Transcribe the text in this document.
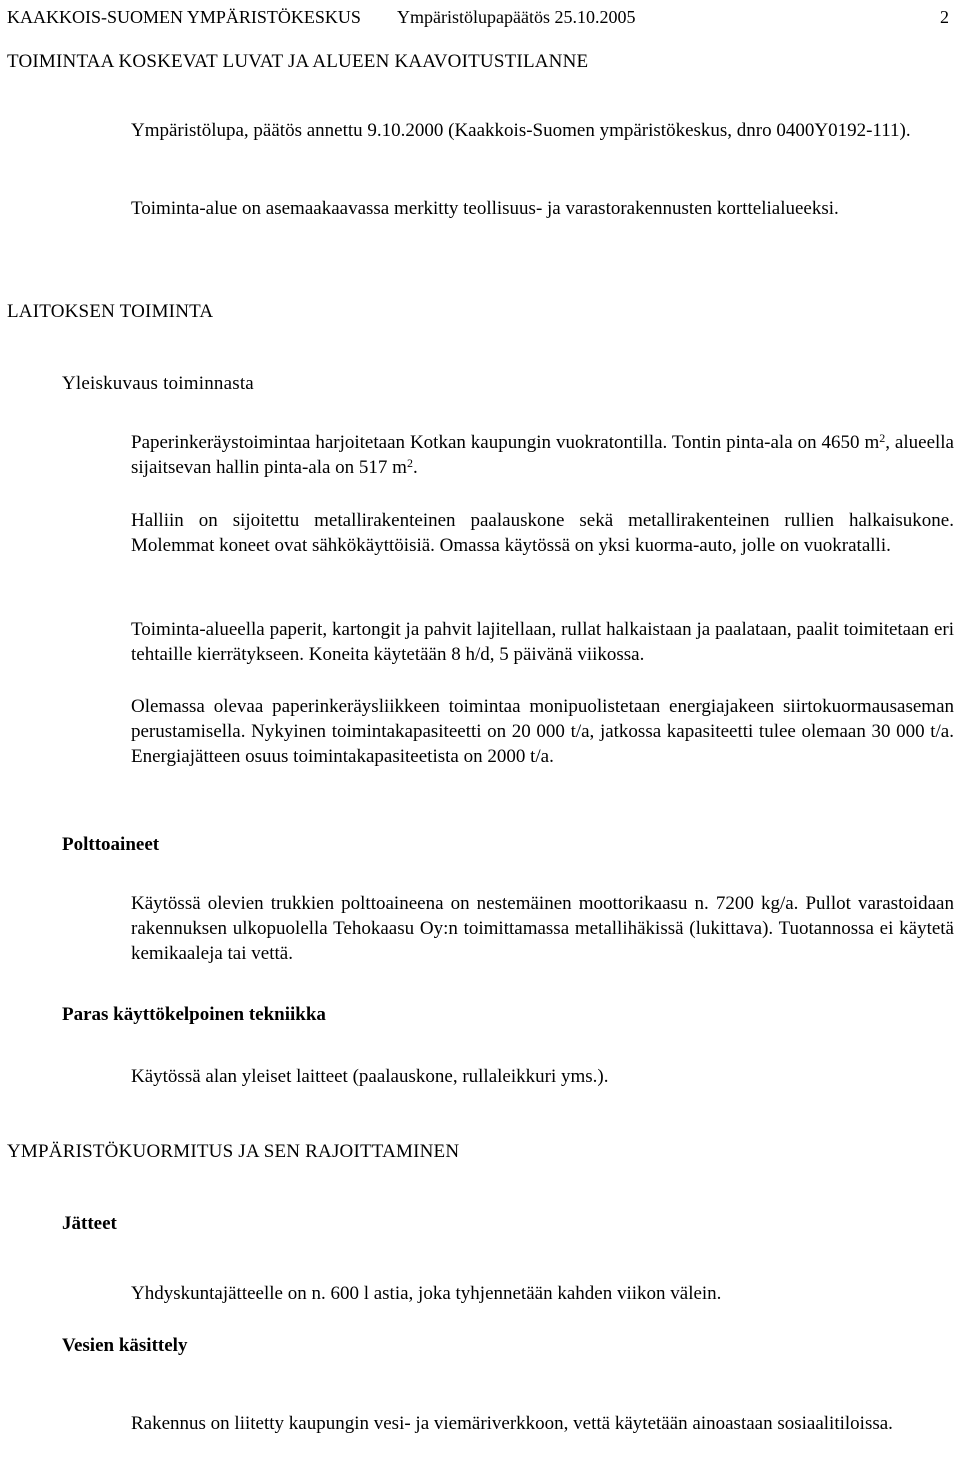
KAAKKOIS-SUOMEN YMPÄRISTÖKESKUS Ympäristölupapäätös 25.10.2005	2
TOIMINTAA KOSKEVAT LUVAT JA ALUEEN KAAVOITUSTILANNE
Ympäristölupa, päätös annettu 9.10.2000 (Kaakkois-Suomen ympäristökeskus, dnro 0400Y0192-111).
Toiminta-alue on asemaakaavassa merkitty teollisuus- ja varastorakennusten korttelialueeksi.
LAITOKSEN TOIMINTA
Yleiskuvaus toiminnasta
Paperinkeräystoimintaa harjoitetaan Kotkan kaupungin vuokratontilla. Tontin pinta-ala on 4650 $m^2$, alueella sijaitsevan hallin pinta-ala on 517 $m^2$.
Halliin on sijoitettu metallirakenteinen paalauskone sekä metallirakenteinen rullien halkaisukone. Molemmat koneet ovat sähkökäyttöisiä. Omassa käytössä on yksi kuorma-auto, jolle on vuokratalli.
Toiminta-alueella paperit, kartongit ja pahvit lajitellaan, rullat halkaistaan ja paalataan, paalit toimitetaan eri tehtaille kierrätykseen. Koneita käytetään 8 h/d, 5 päivänä viikossa.
Olemassa olevaa paperinkeräysliikkeen toimintaa monipuolistetaan energiajakeen siirtokuormausaseman perustamisella. Nykyinen toimintakapasiteetti on 20 000 t/a, jatkossa kapasiteetti tulee olemaan 30 000 t/a. Energiajätteen osuus toimintakapasiteetista on 2000 t/a.
Polttoaineet
Käytössä olevien trukkien polttoaineena on nestemäinen moottorikaasu n. 7200 kg/a. Pullot varastoidaan rakennuksen ulkopuolella Tehokaasu Oy:n toimittamassa metallihäkissä (lukittava). Tuotannossa ei käytetä kemikaaleja tai vettä.
Paras käyttökelpoinen tekniikka
Käytössä alan yleiset laitteet (paalauskone, rullaleikkuri yms.).
YMPÄRISTÖKUORMITUS JA SEN RAJOITTAMINEN
Jätteet
Yhdyskuntajätteelle on n. 600 l astia, joka tyhjennetään kahden viikon välein.
Vesien käsittely
Rakennus on liitetty kaupungin vesi- ja viemäriverkkoon, vettä käytetään ainoastaan sosiaalitiloissa.
